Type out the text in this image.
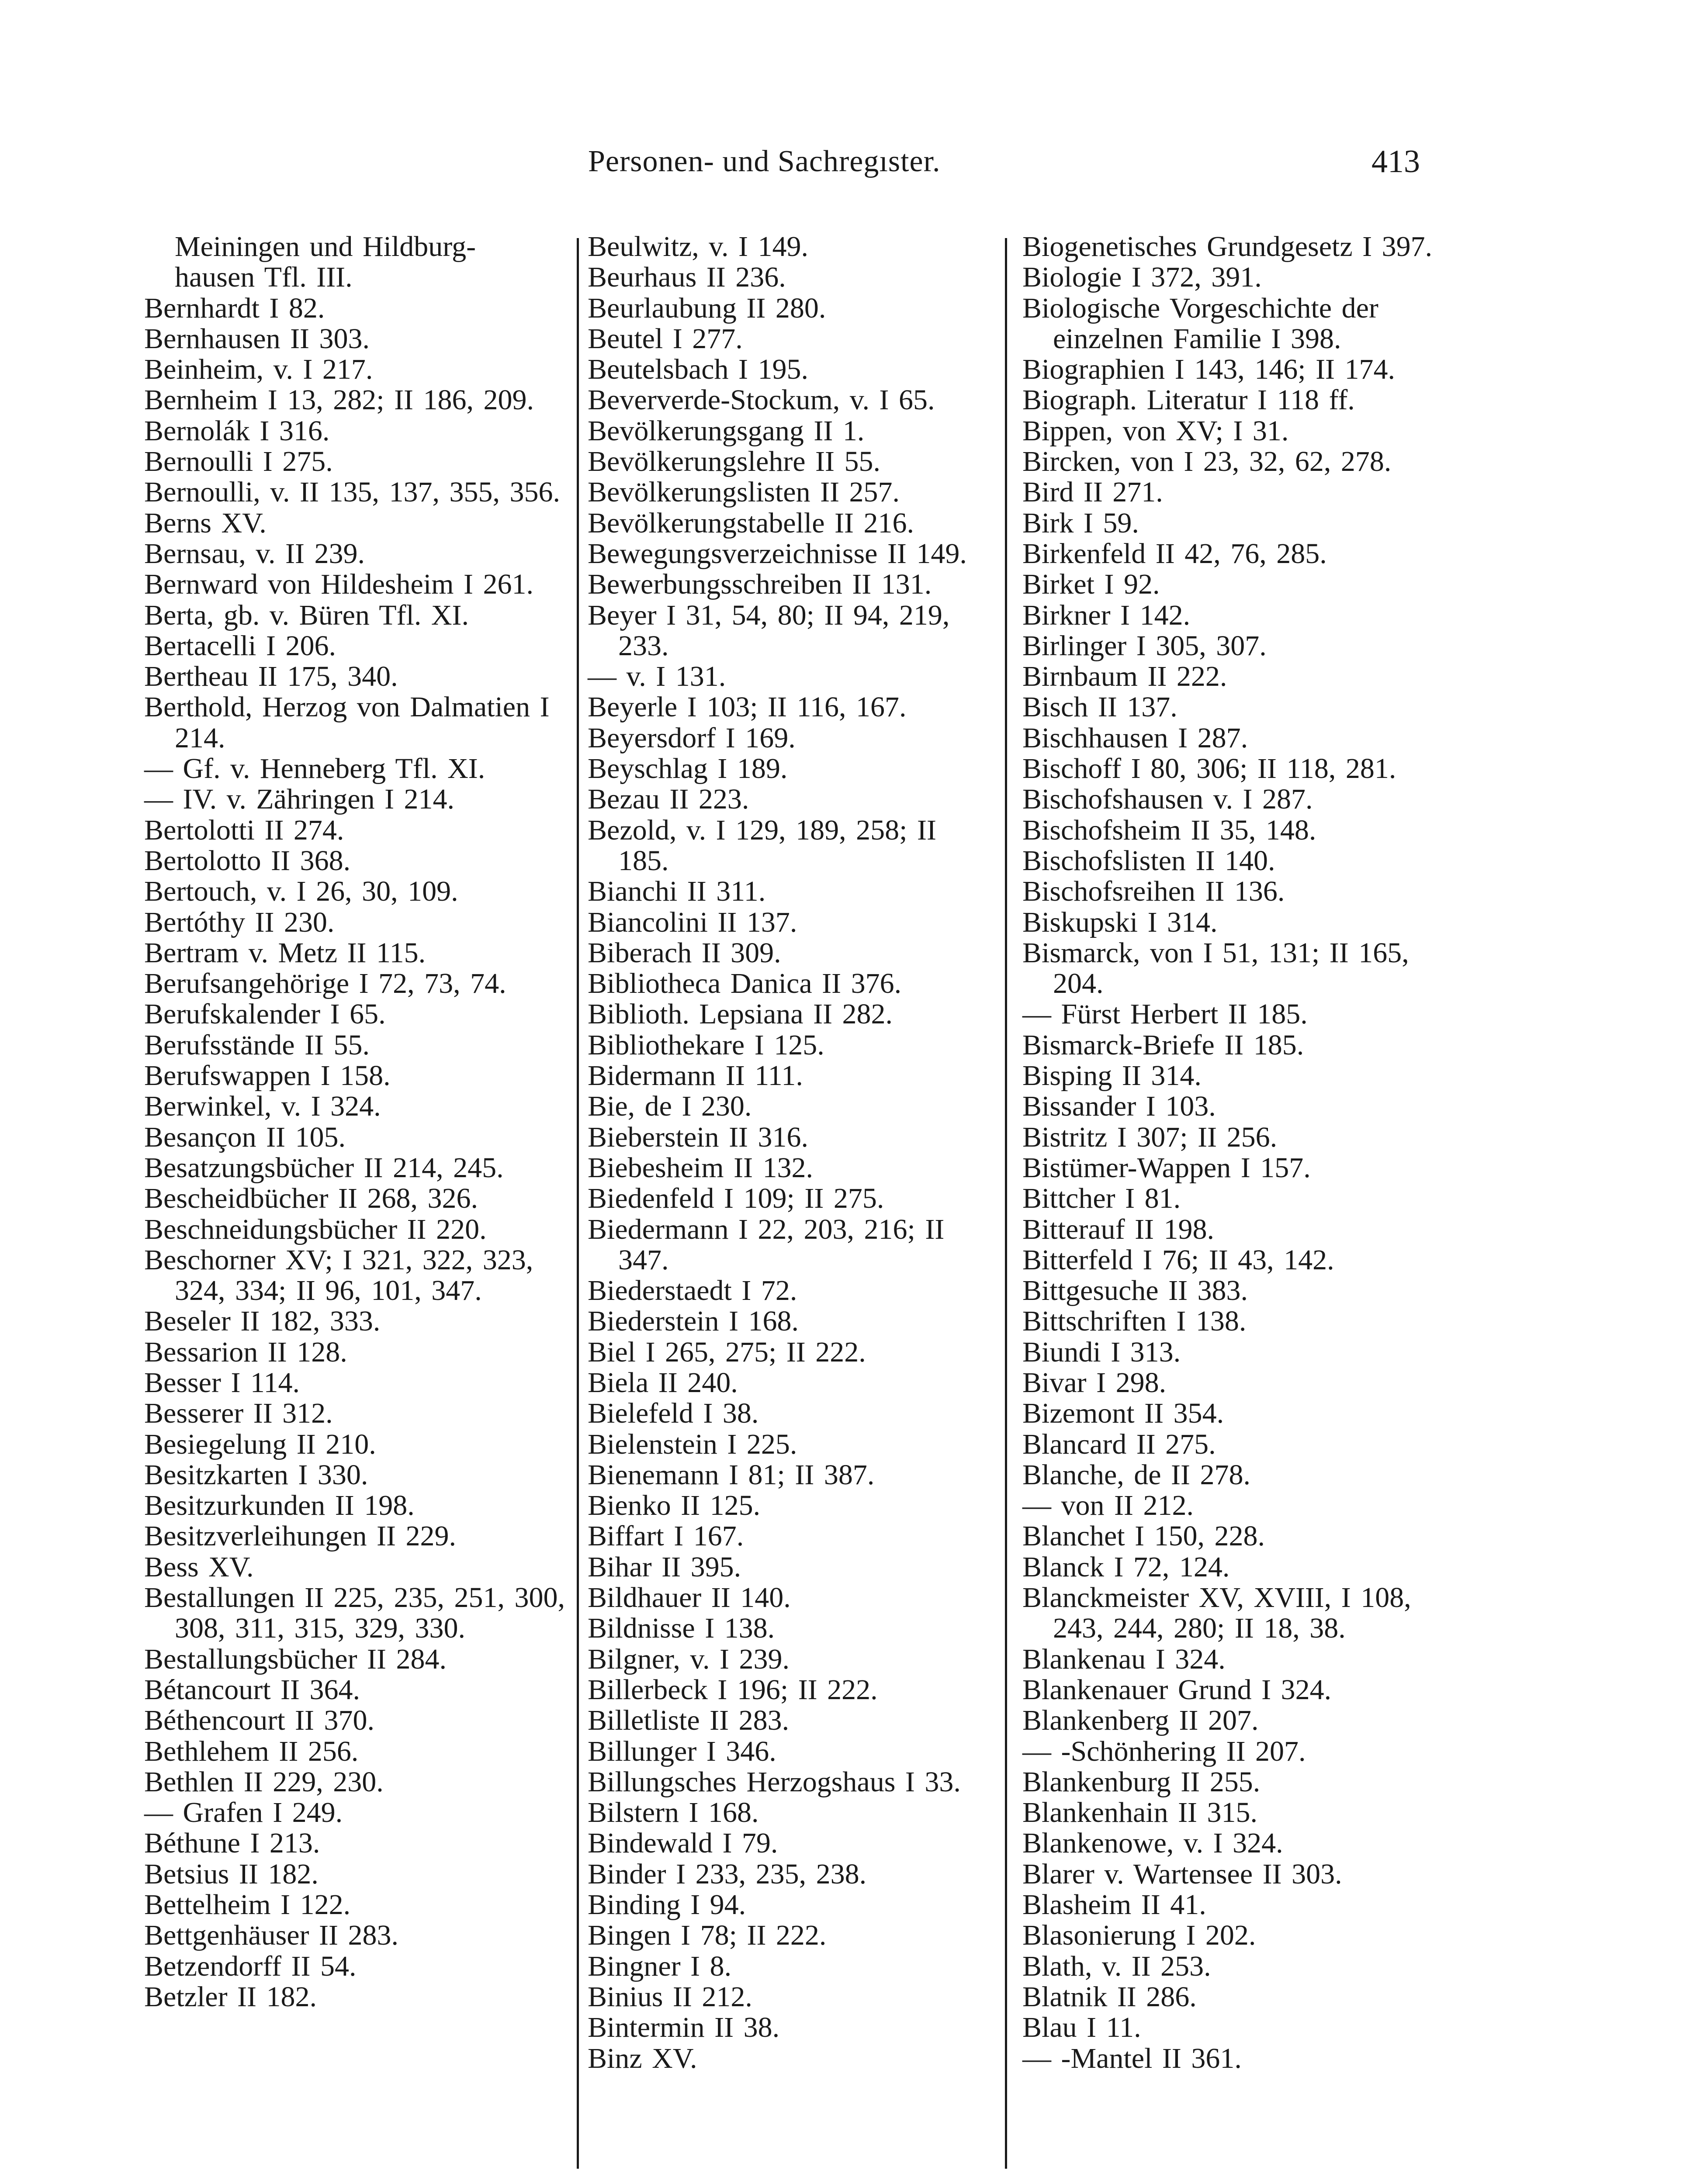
Personen- und Sachregıster.	413
Meiningen und Hildburg-
hausen Tfl. III.
Bernhardt I 82.
Bernhausen II 303.
Beinheim, v. I 217.
Bernheim I 13, 282; II 186, 209.
Bernolák I 316.
Bernoulli I 275.
Bernoulli, v. II 135, 137, 355, 356.
Berns XV.
Bernsau, v. II 239.
Bernward von Hildesheim I 261.
Berta, gb. v. Büren Tfl. XI.
Bertacelli I 206.
Bertheau II 175, 340.
Berthold, Herzog von Dalmatien I 214.
— Gf. v. Henneberg Tfl. XI.
— IV. v. Zähringen I 214.
Bertolotti II 274.
Bertolotto II 368.
Bertouch, v. I 26, 30, 109.
Bertóthy II 230.
Bertram v. Metz II 115.
Berufsangehörige I 72, 73, 74.
Berufskalender I 65.
Berufsstände II 55.
Berufswappen I 158.
Berwinkel, v. I 324.
Besançon II 105.
Besatzungsbücher II 214, 245.
Bescheidbücher II 268, 326.
Beschneidungsbücher II 220.
Beschorner XV; I 321, 322, 323, 324, 334; II 96, 101, 347.
Beseler II 182, 333.
Bessarion II 128.
Besser I 114.
Besserer II 312.
Besiegelung II 210.
Besitzkarten I 330.
Besitzurkunden II 198.
Besitzverleihungen II 229.
Bess XV.
Bestallungen II 225, 235, 251, 300, 308, 311, 315, 329, 330.
Bestallungsbücher II 284.
Bétancourt II 364.
Béthencourt II 370.
Bethlehem II 256.
Bethlen II 229, 230.
— Grafen I 249.
Béthune I 213.
Betsius II 182.
Bettelheim I 122.
Bettgenhäuser II 283.
Betzendorff II 54.
Betzler II 182.
Beulwitz, v. I 149.
Beurhaus II 236.
Beurlaubung II 280.
Beutel I 277.
Beutelsbach I 195.
Beververde-Stockum, v. I 65.
Bevölkerungsgang II 1.
Bevölkerungslehre II 55.
Bevölkerungslisten II 257.
Bevölkerungstabelle II 216.
Bewegungsverzeichnisse II 149.
Bewerbungsschreiben II 131.
Beyer I 31, 54, 80; II 94, 219, 233.
— v. I 131.
Beyerle I 103; II 116, 167.
Beyersdorf I 169.
Beyschlag I 189.
Bezau II 223.
Bezold, v. I 129, 189, 258; II 185.
Bianchi II 311.
Biancolini II 137.
Biberach II 309.
Bibliotheca Danica II 376.
Biblioth. Lepsiana II 282.
Bibliothekare I 125.
Bidermann II 111.
Bie, de I 230.
Bieberstein II 316.
Biebesheim II 132.
Biedenfeld I 109; II 275.
Biedermann I 22, 203, 216; II 347.
Biederstaedt I 72.
Biederstein I 168.
Biel I 265, 275; II 222.
Biela II 240.
Bielefeld I 38.
Bielenstein I 225.
Bienemann I 81; II 387.
Bienko II 125.
Biffart I 167.
Bihar II 395.
Bildhauer II 140.
Bildnisse I 138.
Bilgner, v. I 239.
Billerbeck I 196; II 222.
Billetliste II 283.
Billunger I 346.
Billungsches Herzogshaus I 33.
Bilstern I 168.
Bindewald I 79.
Binder I 233, 235, 238.
Binding I 94.
Bingen I 78; II 222.
Bingner I 8.
Binius II 212.
Bintermin II 38.
Binz XV.
Biogenetisches Grundgesetz I 397.
Biologie I 372, 391.
Biologische Vorgeschichte der einzelnen Familie I 398.
Biographien I 143, 146; II 174.
Biograph. Literatur I 118 ff.
Bippen, von XV; I 31.
Bircken, von I 23, 32, 62, 278.
Bird II 271.
Birk I 59.
Birkenfeld II 42, 76, 285.
Birket I 92.
Birkner I 142.
Birlinger I 305, 307.
Birnbaum II 222.
Bisch II 137.
Bischhausen I 287.
Bischoff I 80, 306; II 118, 281.
Bischofshausen v. I 287.
Bischofsheim II 35, 148.
Bischofslisten II 140.
Bischofsreihen II 136.
Biskupski I 314.
Bismarck, von I 51, 131; II 165, 204.
— Fürst Herbert II 185.
Bismarck-Briefe II 185.
Bisping II 314.
Bissander I 103.
Bistritz I 307; II 256.
Bistümer-Wappen I 157.
Bittcher I 81.
Bitterauf II 198.
Bitterfeld I 76; II 43, 142.
Bittgesuche II 383.
Bittschriften I 138.
Biundi I 313.
Bivar I 298.
Bizemont II 354.
Blancard II 275.
Blanche, de II 278.
— von II 212.
Blanchet I 150, 228.
Blanck I 72, 124.
Blanckmeister XV, XVIII, I 108, 243, 244, 280; II 18, 38.
Blankenau I 324.
Blankenauer Grund I 324.
Blankenberg II 207.
— -Schönhering II 207.
Blankenburg II 255.
Blankenhain II 315.
Blankenowe, v. I 324.
Blarer v. Wartensee II 303.
Blasheim II 41.
Blasonierung I 202.
Blath, v. II 253.
Blatnik II 286.
Blau I 11.
— -Mantel II 361.
